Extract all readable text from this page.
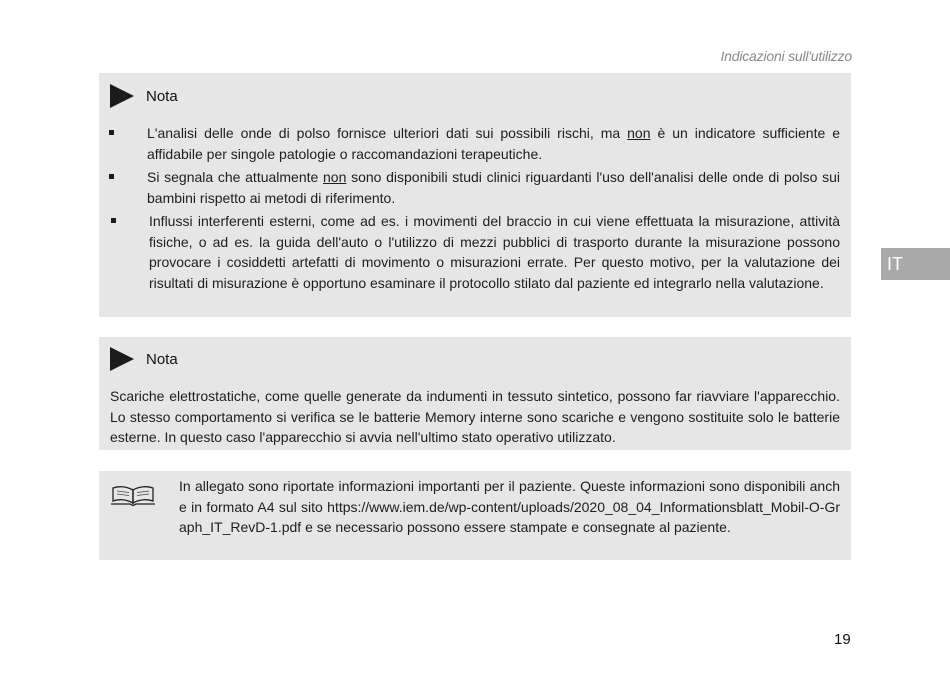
Indicazioni sull'utilizzo
IT
Nota
L'analisi delle onde di polso fornisce ulteriori dati sui possibili rischi, ma non è un indicatore sufficiente e affidabile per singole patologie o raccomandazioni terapeutiche.
Si segnala che attualmente non sono disponibili studi clinici riguardanti l'uso dell'analisi delle onde di polso sui bambini rispetto ai metodi di riferimento.
Influssi interferenti esterni, come ad es. i movimenti del braccio in cui viene effettuata la misurazione, attività fisiche, o ad es. la guida dell'auto o l'utilizzo di mezzi pubblici di trasporto durante la misurazione possono provocare i cosiddetti artefatti di movimento o misurazioni errate. Per questo motivo, per la valutazione dei risultati di misurazione è opportuno esaminare il protocollo stilato dal paziente ed integrarlo nella valutazione.
Nota

Scariche elettrostatiche, come quelle generate da indumenti in tessuto sintetico, possono far riavviare l'apparecchio. Lo stesso comportamento si verifica se le batterie Memory interne sono scariche e vengono sostituite solo le batterie esterne. In questo caso l'apparecchio si avvia nell'ultimo stato operativo utilizzato.

In allegato sono riportate informazioni importanti per il paziente. Queste informazioni sono disponibili anche in formato A4 sul sito https://www.iem.de/wp-content/uploads/2020_08_04_Informationsblatt_Mobil-O-Graph_IT_RevD-1.pdf e se necessario possono essere stampate e consegnate al paziente.

19
